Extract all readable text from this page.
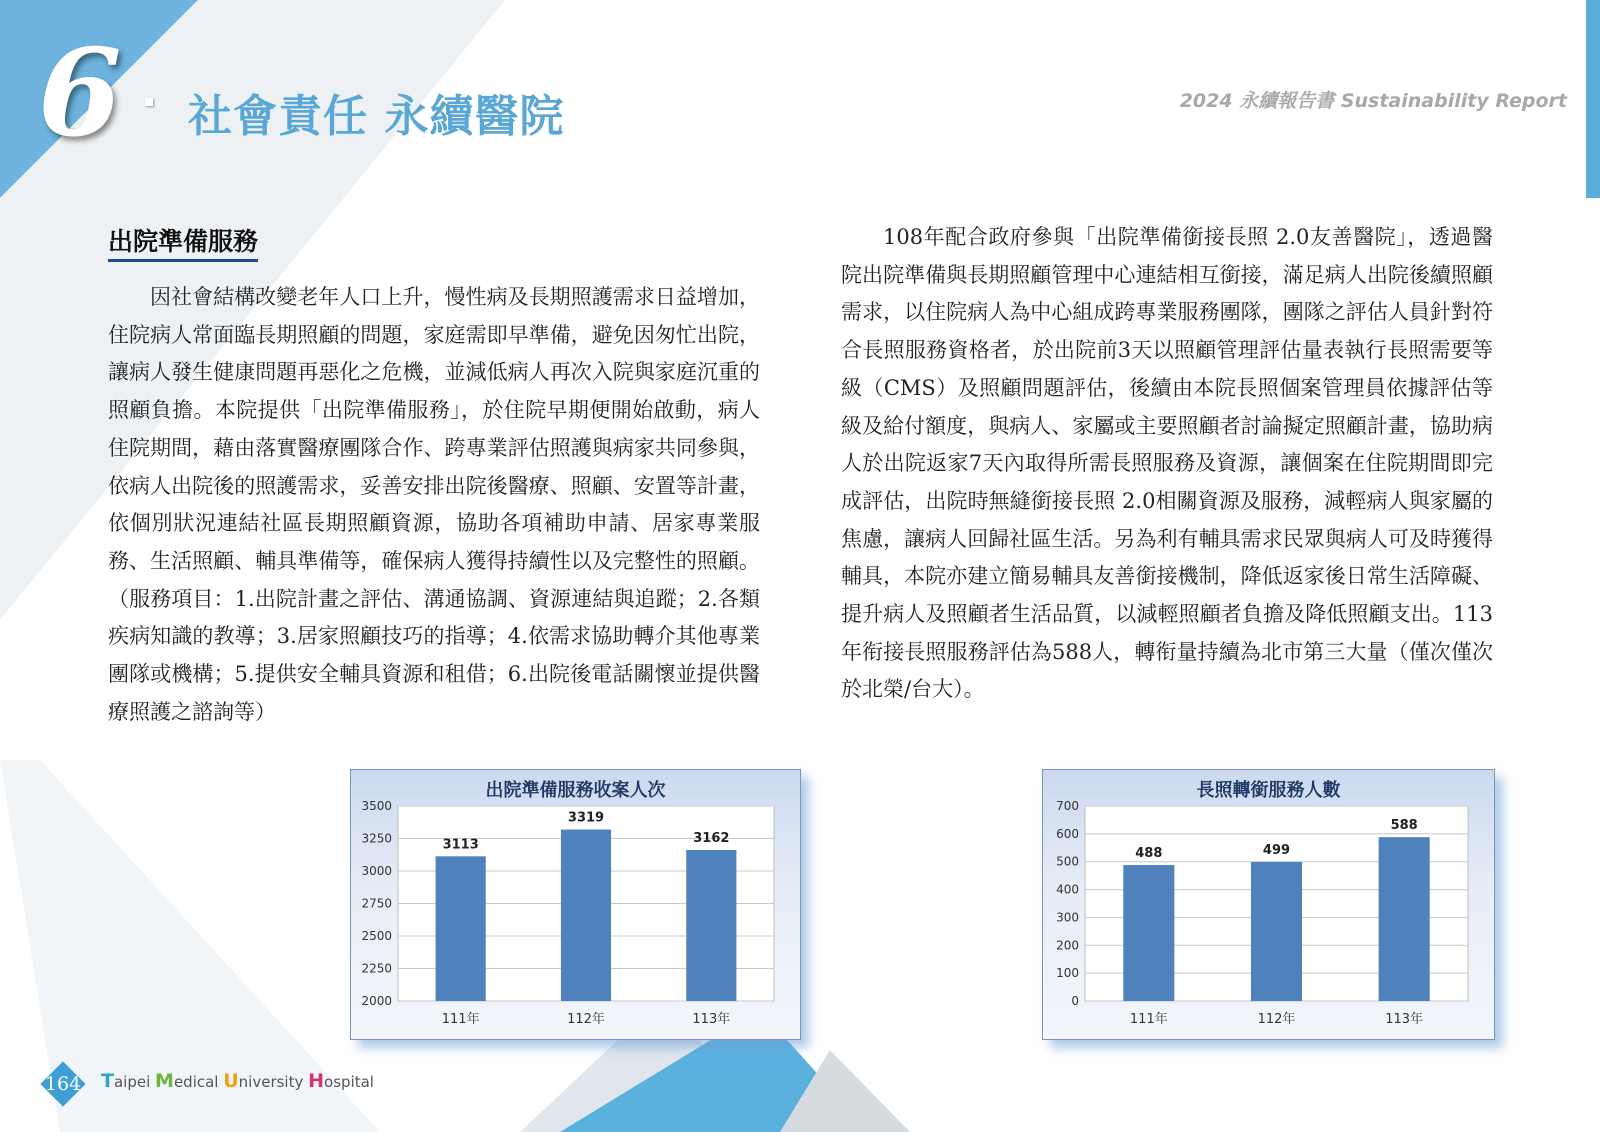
6 社會責任 永續醫院	2024 永續報告書 Sustainability Report
出院準備服務

因社會結構改變老年人口上升，慢性病及長期照護需求日益增加，住院病人常面臨長期照顧的問題，家庭需即早準備，避免因匆忙出院，讓病人發生健康問題再惡化之危機，並減低病人再次入院與家庭沉重的照顧負擔。本院提供「出院準備服務」，於住院早期便開始啟動，病人住院期間，藉由落實醫療團隊合作、跨專業評估照護與病家共同參與，依病人出院後的照護需求，妥善安排出院後醫療、照顧、安置等計畫，依個別狀況連結社區長期照顧資源，協助各項補助申請、居家專業服務、生活照顧、輔具準備等，確保病人獲得持續性以及完整性的照顧。（服務項目：1.出院計畫之評估、溝通協調、資源連結與追蹤；2.各類疾病知識的教導；3.居家照顧技巧的指導；4.依需求協助轉介其他專業團隊或機構；5.提供安全輔具資源和租借；6.出院後電話關懷並提供醫療照護之諮詢等）

108年配合政府參與「出院準備銜接長照 2.0友善醫院」，透過醫院出院準備與長期照顧管理中心連結相互銜接，滿足病人出院後續照顧需求，以住院病人為中心組成跨專業服務團隊，團隊之評估人員針對符合長照服務資格者，於出院前3天以照顧管理評估量表執行長照需要等級（CMS）及照顧問題評估，後續由本院長照個案管理員依據評估等級及給付額度，與病人、家屬或主要照顧者討論擬定照顧計畫，協助病人於出院返家7天內取得所需長照服務及資源，讓個案在住院期間即完成評估，出院時無縫銜接長照 2.0相關資源及服務，減輕病人與家屬的焦慮，讓病人回歸社區生活。另為利有輔具需求民眾與病人可及時獲得輔具，本院亦建立簡易輔具友善銜接機制，降低返家後日常生活障礙、提升病人及照顧者生活品質，以減輕照顧者負擔及降低照顧支出。113年衔接長照服務評估為588人，轉衔量持續為北市第三大量（僅次僅次於北榮/台大）。

出院準備服務收案人次
2000
2250
2500
2750
3000
3250
3500
3113
111年
3319
112年
3162
113年
長照轉銜服務人數
0
100
200
300
400
500
600
700
488
111年
499
112年
588
113年
164 Taipei Medical University Hospital
